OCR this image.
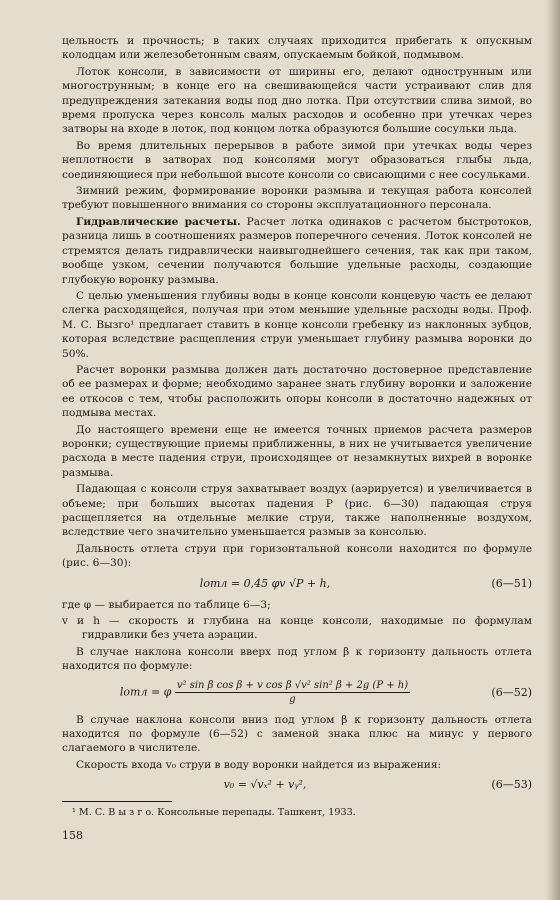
цельность и прочность; в таких случаях приходится прибегать к опускным колодцам или железобетонным сваям, опускаемым бойкой, подмывом.

Лоток консоли, в зависимости от ширины его, делают однострунным или многострунным; в конце его на свешивающейся части устраивают слив для предупреждения затекания воды под дно лотка. При отсутствии слива зимой, во время пропуска через консоль малых расходов и особенно при утечках через затворы на входе в лоток, под концом лотка образуются большие сосульки льда.

Во время длительных перерывов в работе зимой при утечках воды через неплотности в затворах под консолями могут образоваться глыбы льда, соединяющиеся при небольшой высоте консоли со свисающими с нее сосульками.

Зимний режим, формирование воронки размыва и текущая работа консолей требуют повышенного внимания со стороны эксплуатационного персонала.

Гидравлические расчеты. Расчет лотка одинаков с расчетом быстротоков, разница лишь в соотношениях размеров поперечного сечения. Лоток консолей не стремятся делать гидравлически наивыгоднейшего сечения, так как при таком, вообще узком, сечении получаются большие удельные расходы, создающие глубокую воронку размыва.

С целью уменьшения глубины воды в конце консоли концевую часть ее делают слегка расходящейся, получая при этом меньшие удельные расходы воды. Проф. М. С. Вызго¹ предлагает ставить в конце консоли гребенку из наклонных зубцов, которая вследствие расщепления струи уменьшает глубину размыва воронки до 50%.

Расчет воронки размыва должен дать достаточно достоверное представление об ее размерах и форме; необходимо заранее знать глубину воронки и заложение ее откосов с тем, чтобы расположить опоры консоли в достаточно надежных от подмыва местах.

До настоящего времени еще не имеется точных приемов расчета размеров воронки; существующие приемы приближенны, в них не учитывается увеличение расхода в месте падения струи, происходящее от незамкнутых вихрей в воронке размыва.

Падающая с консоли струя захватывает воздух (аэрируется) и увеличивается в объеме; при больших высотах падения P (рис. 6—30) падающая струя расщепляется на отдельные мелкие струи, также наполненные воздухом, вследствие чего значительно уменьшается размыв за консолью.

Дальность отлета струи при горизонтальной консоли находится по формуле (рис. 6—30):

lотл = 0,45 φv √P + h,	(6—51)

где φ — выбирается по таблице 6—3;

v и h — скорость и глубина на конце консоли, находимые по формулам гидравлики без учета аэрации.

В случае наклона консоли вверх под углом β к горизонту дальность отлета находится по формуле:

lотл = φ $\frac{\text{v² sin β cos β + v cos β √v² sin² β + 2g (P + h)}}{g}$	(6—52)

В случае наклона консоли вниз под углом β к горизонту дальность отлета находится по формуле (6—52) с заменой знака плюс на минус у первого слагаемого в числителе.

Скорость входа v₀ струи в воду воронки найдется из выражения:

v₀ = √vₓ² + vᵧ²,	(6—53)

¹ М. С. В ы з г о. Консольные перепады. Ташкент, 1933.

158
